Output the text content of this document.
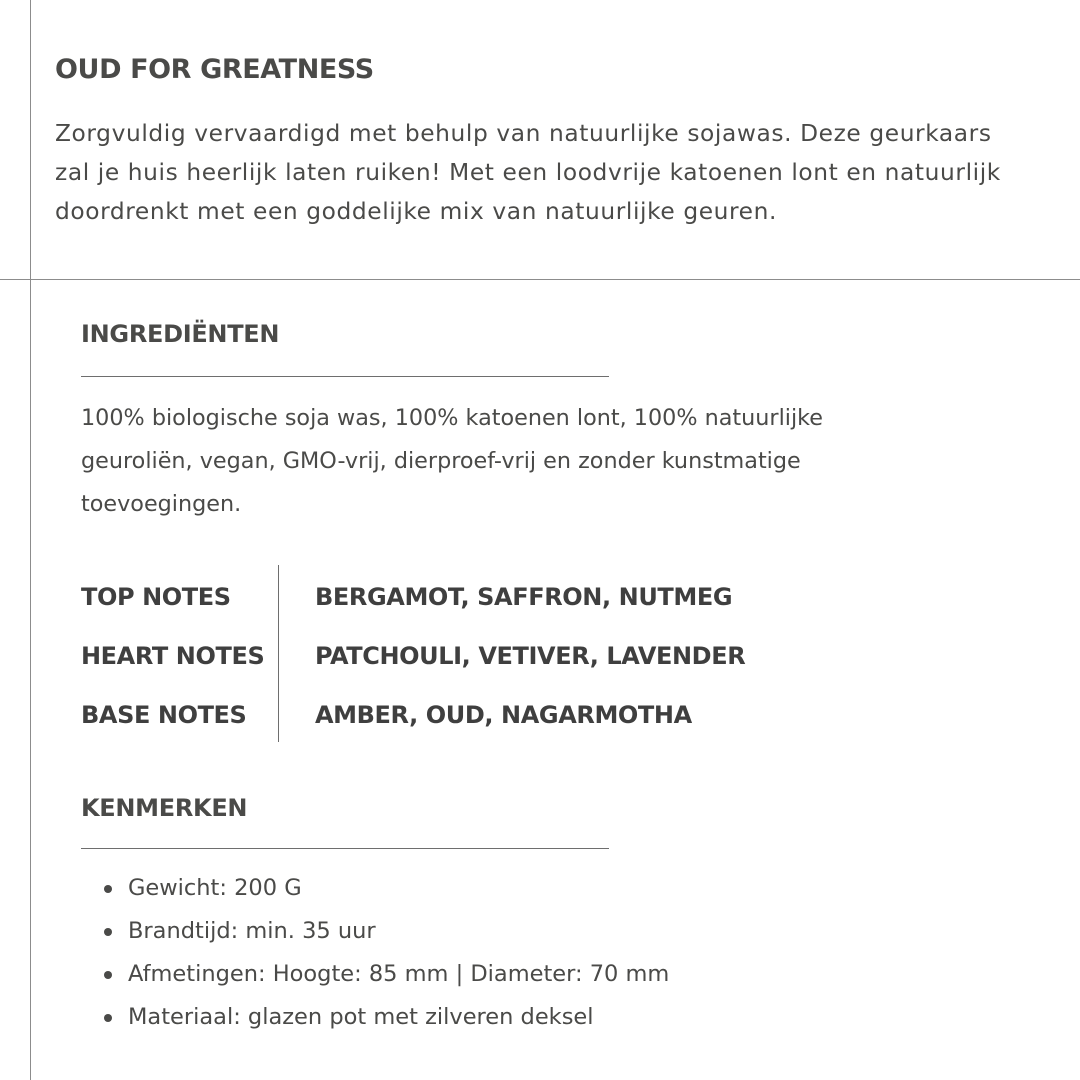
OUD FOR GREATNESS

Zorgvuldig vervaardigd met behulp van natuurlijke sojawas. Deze geurkaars
zal je huis heerlijk laten ruiken! Met een loodvrije katoenen lont en natuurlijk
doordrenkt met een goddelijke mix van natuurlijke geuren.

INGREDIËNTEN

100% biologische soja was, 100% katoenen lont, 100% natuurlijke
geuroliën, vegan, GMO-vrij, dierproef-vrij en zonder kunstmatige
toevoegingen.

TOP NOTES	BERGAMOT, SAFFRON, NUTMEG

HEART NOTES PATCHOULI, VETIVER, LAVENDER

BASE NOTES	AMBER, OUD, NAGARMOTHA

KENMERKEN
Gewicht: 200 G
Brandtijd: min. 35 uur
Afmetingen: Hoogte: 85 mm | Diameter: 70 mm
Materiaal: glazen pot met zilveren deksel
